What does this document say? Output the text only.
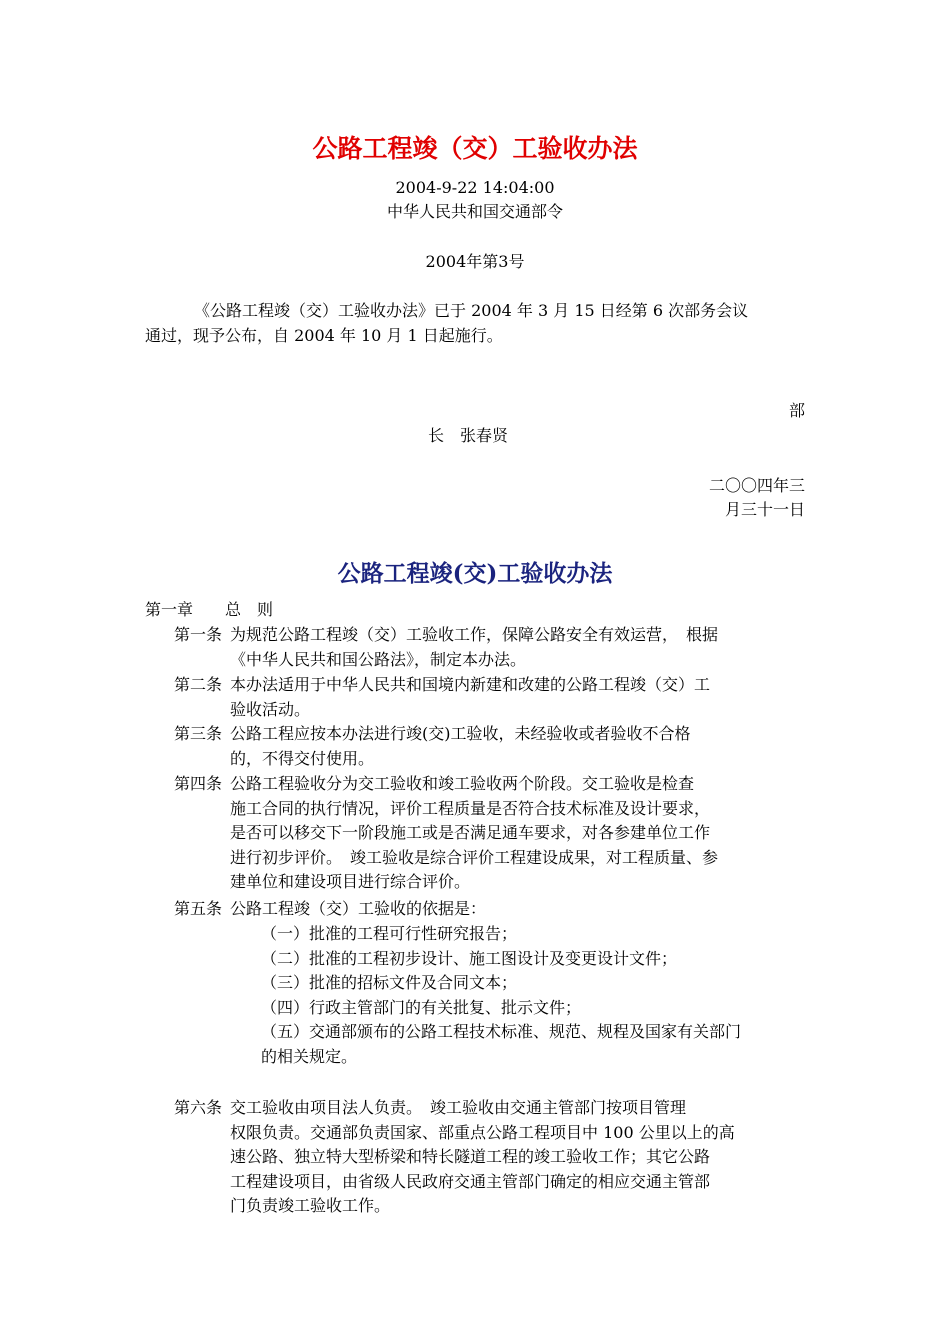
公路工程竣（交）工验收办法
2004-9-22 14:04:00
中华人民共和国交通部令
2004年第3号
《公路工程竣（交）工验收办法》已于 2004 年 3 月 15 日经第 6 次部务会议
通过，现予公布，自 2004 年 10 月 1 日起施行。
部
长　张春贤
二〇〇四年三
月三十一日
公路工程竣(交)工验收办法
第一章　　总　则
第一条 为规范公路工程竣（交）工验收工作，保障公路安全有效运营，　根据
《中华人民共和国公路法》，制定本办法。
第二条 本办法适用于中华人民共和国境内新建和改建的公路工程竣（交）工
验收活动。
第三条 公路工程应按本办法进行竣(交)工验收，未经验收或者验收不合格
的，不得交付使用。
第四条 公路工程验收分为交工验收和竣工验收两个阶段。交工验收是检查
施工合同的执行情况，评价工程质量是否符合技术标准及设计要求，
是否可以移交下一阶段施工或是否满足通车要求，对各参建单位工作
进行初步评价。　竣工验收是综合评价工程建设成果，对工程质量、参
建单位和建设项目进行综合评价。
第五条 公路工程竣（交）工验收的依据是：
（一）批准的工程可行性研究报告；
（二）批准的工程初步设计、施工图设计及变更设计文件；
（三）批准的招标文件及合同文本；
（四）行政主管部门的有关批复、批示文件；
（五）交通部颁布的公路工程技术标准、规范、规程及国家有关部门
的相关规定。
第六条 交工验收由项目法人负责。　竣工验收由交通主管部门按项目管理
权限负责。交通部负责国家、部重点公路工程项目中 100 公里以上的高
速公路、独立特大型桥梁和特长隧道工程的竣工验收工作；其它公路
工程建设项目，由省级人民政府交通主管部门确定的相应交通主管部
门负责竣工验收工作。
